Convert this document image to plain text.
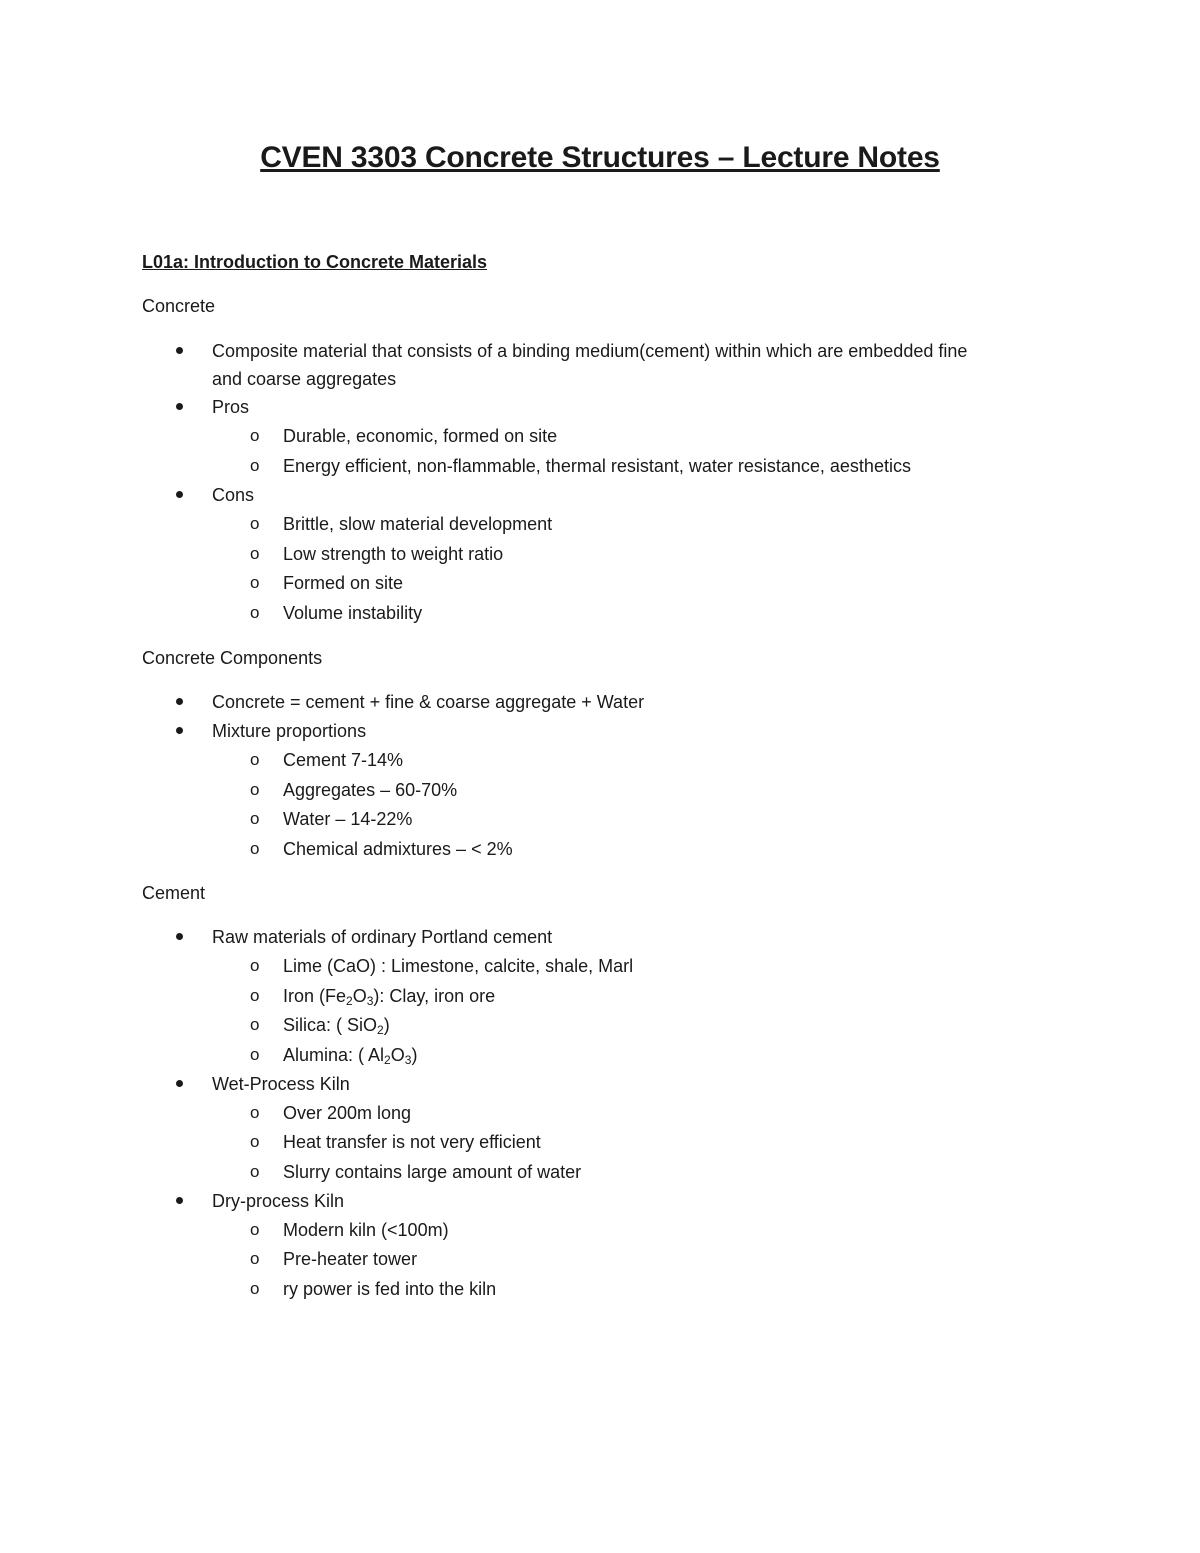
CVEN 3303 Concrete Structures – Lecture Notes
L01a: Introduction to Concrete Materials
Concrete
Composite material that consists of a binding medium(cement) within which are embedded fine
and coarse aggregates
Pros
o Durable, economic, formed on site
o Energy efficient, non-flammable, thermal resistant, water resistance, aesthetics
Cons
o Brittle, slow material development
o Low strength to weight ratio
o Formed on site
o Volume instability
Concrete Components
Concrete = cement + fine & coarse aggregate + Water
Mixture proportions
o Cement 7-14%
o Aggregates – 60-70%
o Water – 14-22%
o Chemical admixtures – < 2%
Cement
Raw materials of ordinary Portland cement
o Lime (CaO) : Limestone, calcite, shale, Marl
o Iron $(Fe_2O_3)$: Clay, iron ore
o Silica: ( SiO$_2$)
o Alumina: ( $Al_2O_3$)
Wet-Process Kiln
o Over 200m long
o Heat transfer is not very efficient
o Slurry contains large amount of water
Dry-process Kiln
o Modern kiln (<100m)
o Pre-heater tower
o ry power is fed into the kiln
